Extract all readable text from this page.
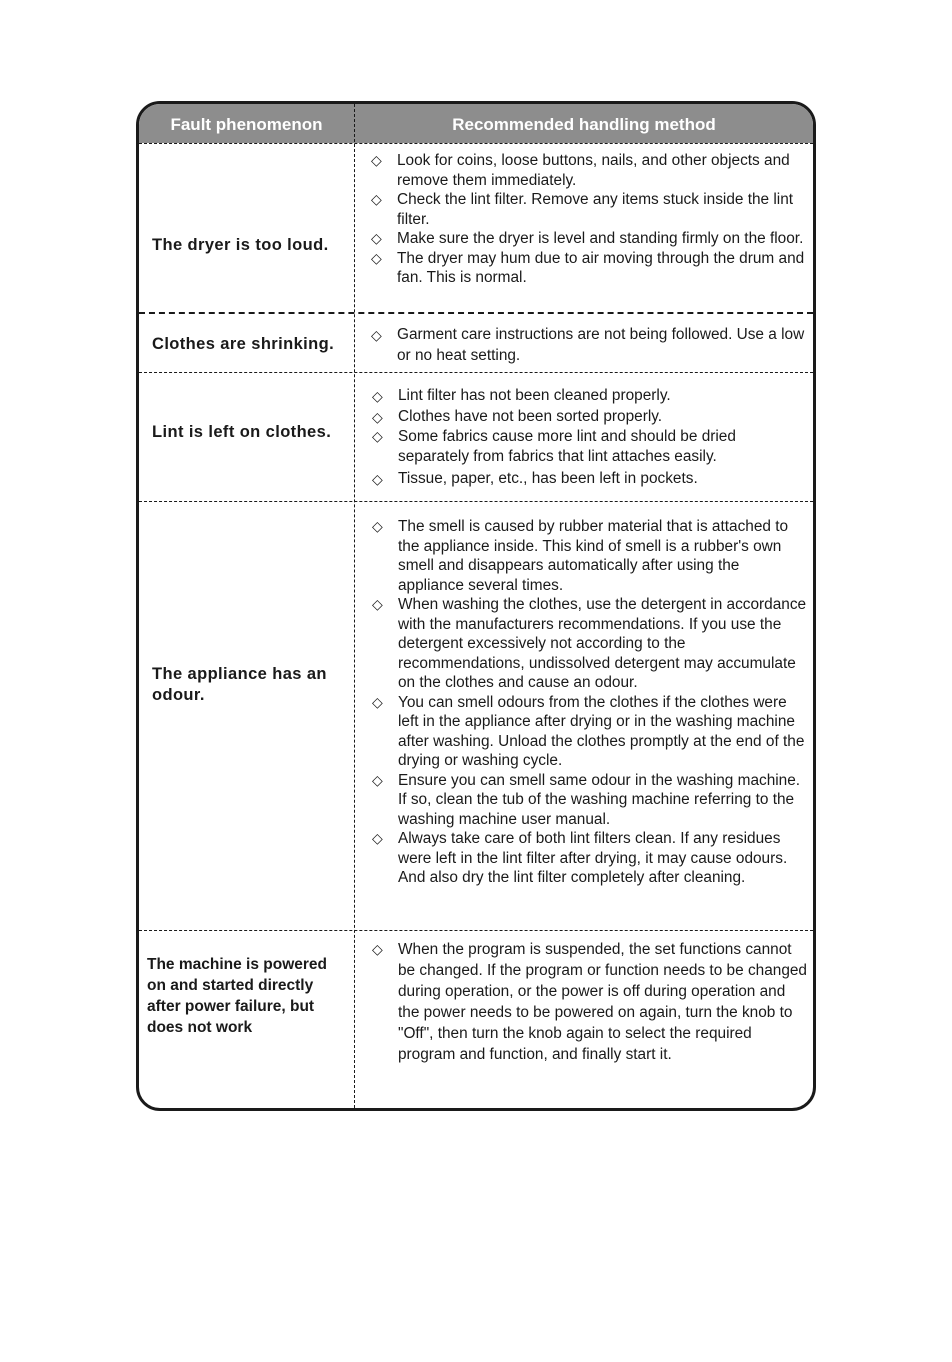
Fault phenomenon	Recommended handling method
The dryer is too loud.
◇ Look for coins, loose buttons, nails, and other objects and remove them immediately.
◇ Check the lint filter. Remove any items stuck inside the lint filter.
◇ Make sure the dryer is level and standing firmly on the floor.
◇ The dryer may hum due to air moving through the drum and fan. This is normal.
Clothes are shrinking.	◇ Garment care instructions are not being followed. Use a low or no heat setting.
Lint is left on clothes.
◇ Lint filter has not been cleaned properly.
◇ Clothes have not been sorted properly.
◇ Some fabrics cause more lint and should be dried separately from fabrics that lint attaches easily.
◇ Tissue, paper, etc., has been left in pockets.
The appliance has an odour.
◇ The smell is caused by rubber material that is attached to the appliance inside. This kind of smell is a rubber's own smell and disappears automatically after using the appliance several times.
◇ When washing the clothes, use the detergent in accordance with the manufacturers recommendations. If you use the detergent excessively not according to the recommendations, undissolved detergent may accumulate on the clothes and cause an odour.
◇ You can smell odours from the clothes if the clothes were left in the appliance after drying or in the washing machine after washing. Unload the clothes promptly at the end of the drying or washing cycle.
◇ Ensure you can smell same odour in the washing machine. If so, clean the tub of the washing machine referring to the washing machine user manual.
◇ Always take care of both lint filters clean. If any residues were left in the lint filter after drying, it may cause odours. And also dry the lint filter completely after cleaning.
The machine is powered on and started directly after power failure, but does not work
◇ When the program is suspended, the set functions cannot be changed. If the program or function needs to be changed during operation, or the power is off during operation and the power needs to be powered on again, turn the knob to "Off", then turn the knob again to select the required program and function, and finally start it.
